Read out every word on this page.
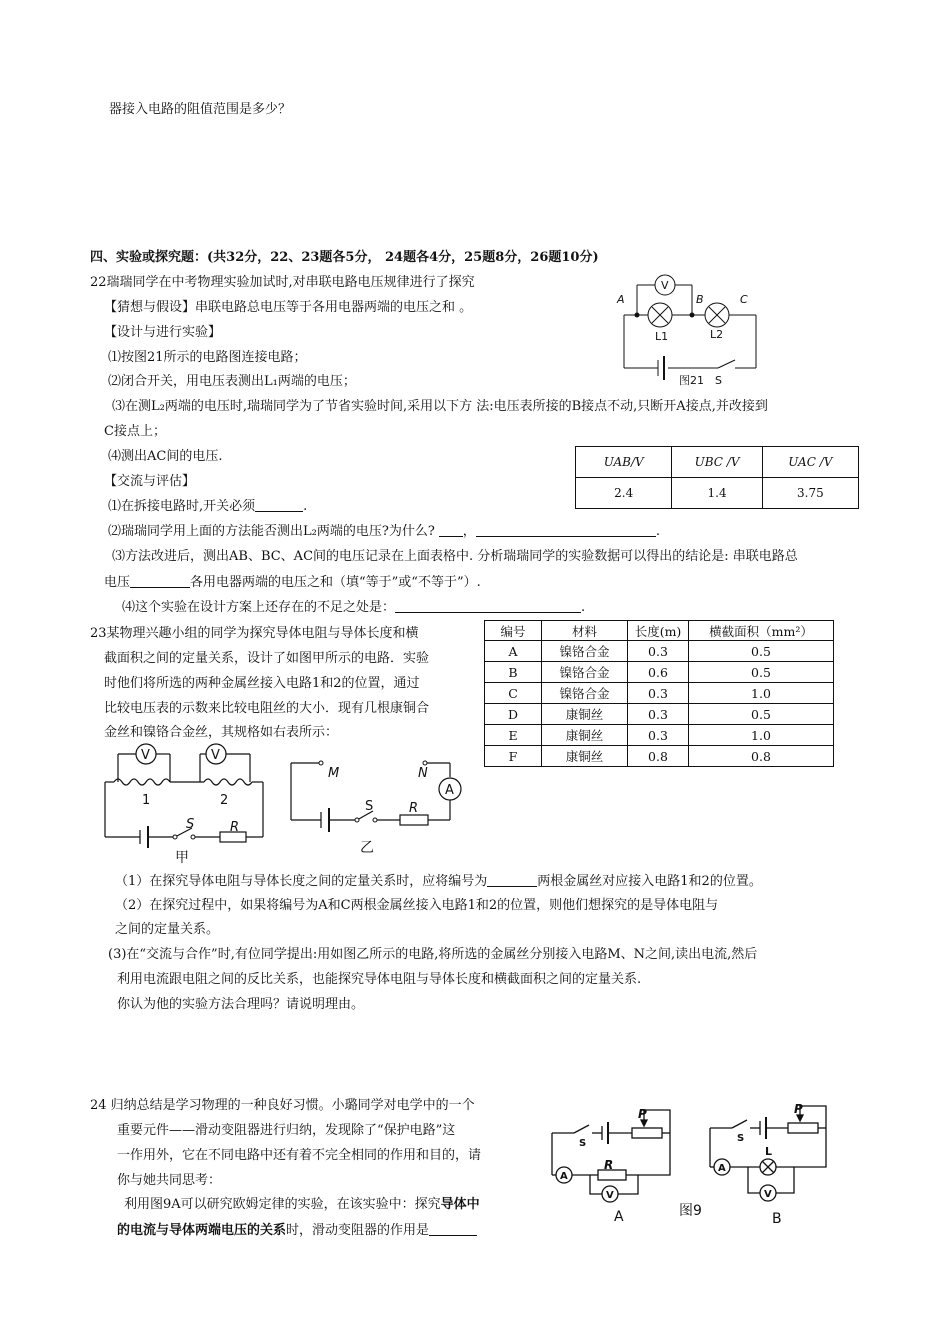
器接入电路的阻值范围是多少？
四、实验或探究题：(共32分，22、23题各5分， 24题各4分，25题8分，26题10分)
22瑞瑞同学在中考物理实验加试时,对串联电路电压规律进行了探究
【猜想与假设】串联电路总电压等于各用电器两端的电压之和 。
【设计与进行实验】
⑴按图21所示的电路图连接电路；
⑵闭合开关，用电压表测出L₁两端的电压；
⑶在测L₂两端的电压时,瑞瑞同学为了节省实验时间,采用以下方 法:电压表所接的B接点不动,只断开A接点,并改接到
C接点上；
⑷测出AC间的电压.
【交流与评估】
⑴在拆接电路时,开关必须	.
⑵瑞瑞同学用上面的方法能否测出L₂两端的电压?为什么? ，	.
⑶方法改进后，测出AB、BC、AC间的电压记录在上面表格中. 分析瑞瑞同学的实验数据可以得出的结论是: 串联电路总
电压	各用电器两端的电压之和（填“等于”或“不等于”）.
⑷这个实验在设计方案上还存在的不足之处是：	.
UAB/V	UBC /V	UAC /V
2.4	1.4	3.75
V
A	B	C
L1	L2
图21 S
23某物理兴趣小组的同学为探究导体电阻与导体长度和横
截面积之间的定量关系，设计了如图甲所示的电路．实验
时他们将所选的两种金属丝接入电路1和2的位置，通过
比较电压表的示数来比较电阻丝的大小．现有几根康铜合
金丝和镍铬合金丝，其规格如右表所示：
编号	材料	长度(m)	横截面积（mm²）
A	镍铬合金	0.3	0.5
B	镍铬合金	0.6	0.5
C	镍铬合金	0.3	1.0
D	康铜丝	0.3	0.5
E	康铜丝	0.3	1.0
F	康铜丝	0.8	0.8
V	V
1	2
S	R
甲
M	N
A
S	R
乙
（1）在探究导体电阻与导体长度之间的定量关系时，应将编号为	两根金属丝对应接入电路1和2的位置。
（2）在探究过程中，如果将编号为A和C两根金属丝接入电路1和2的位置，则他们想探究的是导体电阻与
之间的定量关系。
(3)在“交流与合作”时,有位同学提出:用如图乙所示的电路,将所选的金属丝分别接入电路M、N之间,读出电流,然后
利用电流跟电阻之间的反比关系，也能探究导体电阻与导体长度和横截面积之间的定量关系.
你认为他的实验方法合理吗？请说明理由。
24 归纳总结是学习物理的一种良好习惯。小璐同学对电学中的一个
重要元件——滑动变阻器进行归纳，发现除了“保护电路”这
一作用外，它在不同电路中还有着不完全相同的作用和目的，请
你与她共同思考：
利用图9A可以研究欧姆定律的实验，在该实验中：探究导体中
的电流与导体两端电压的关系时，滑动变阻器的作用是
P
S
R
A
V
P
S
L
A
V
A	图9	B
